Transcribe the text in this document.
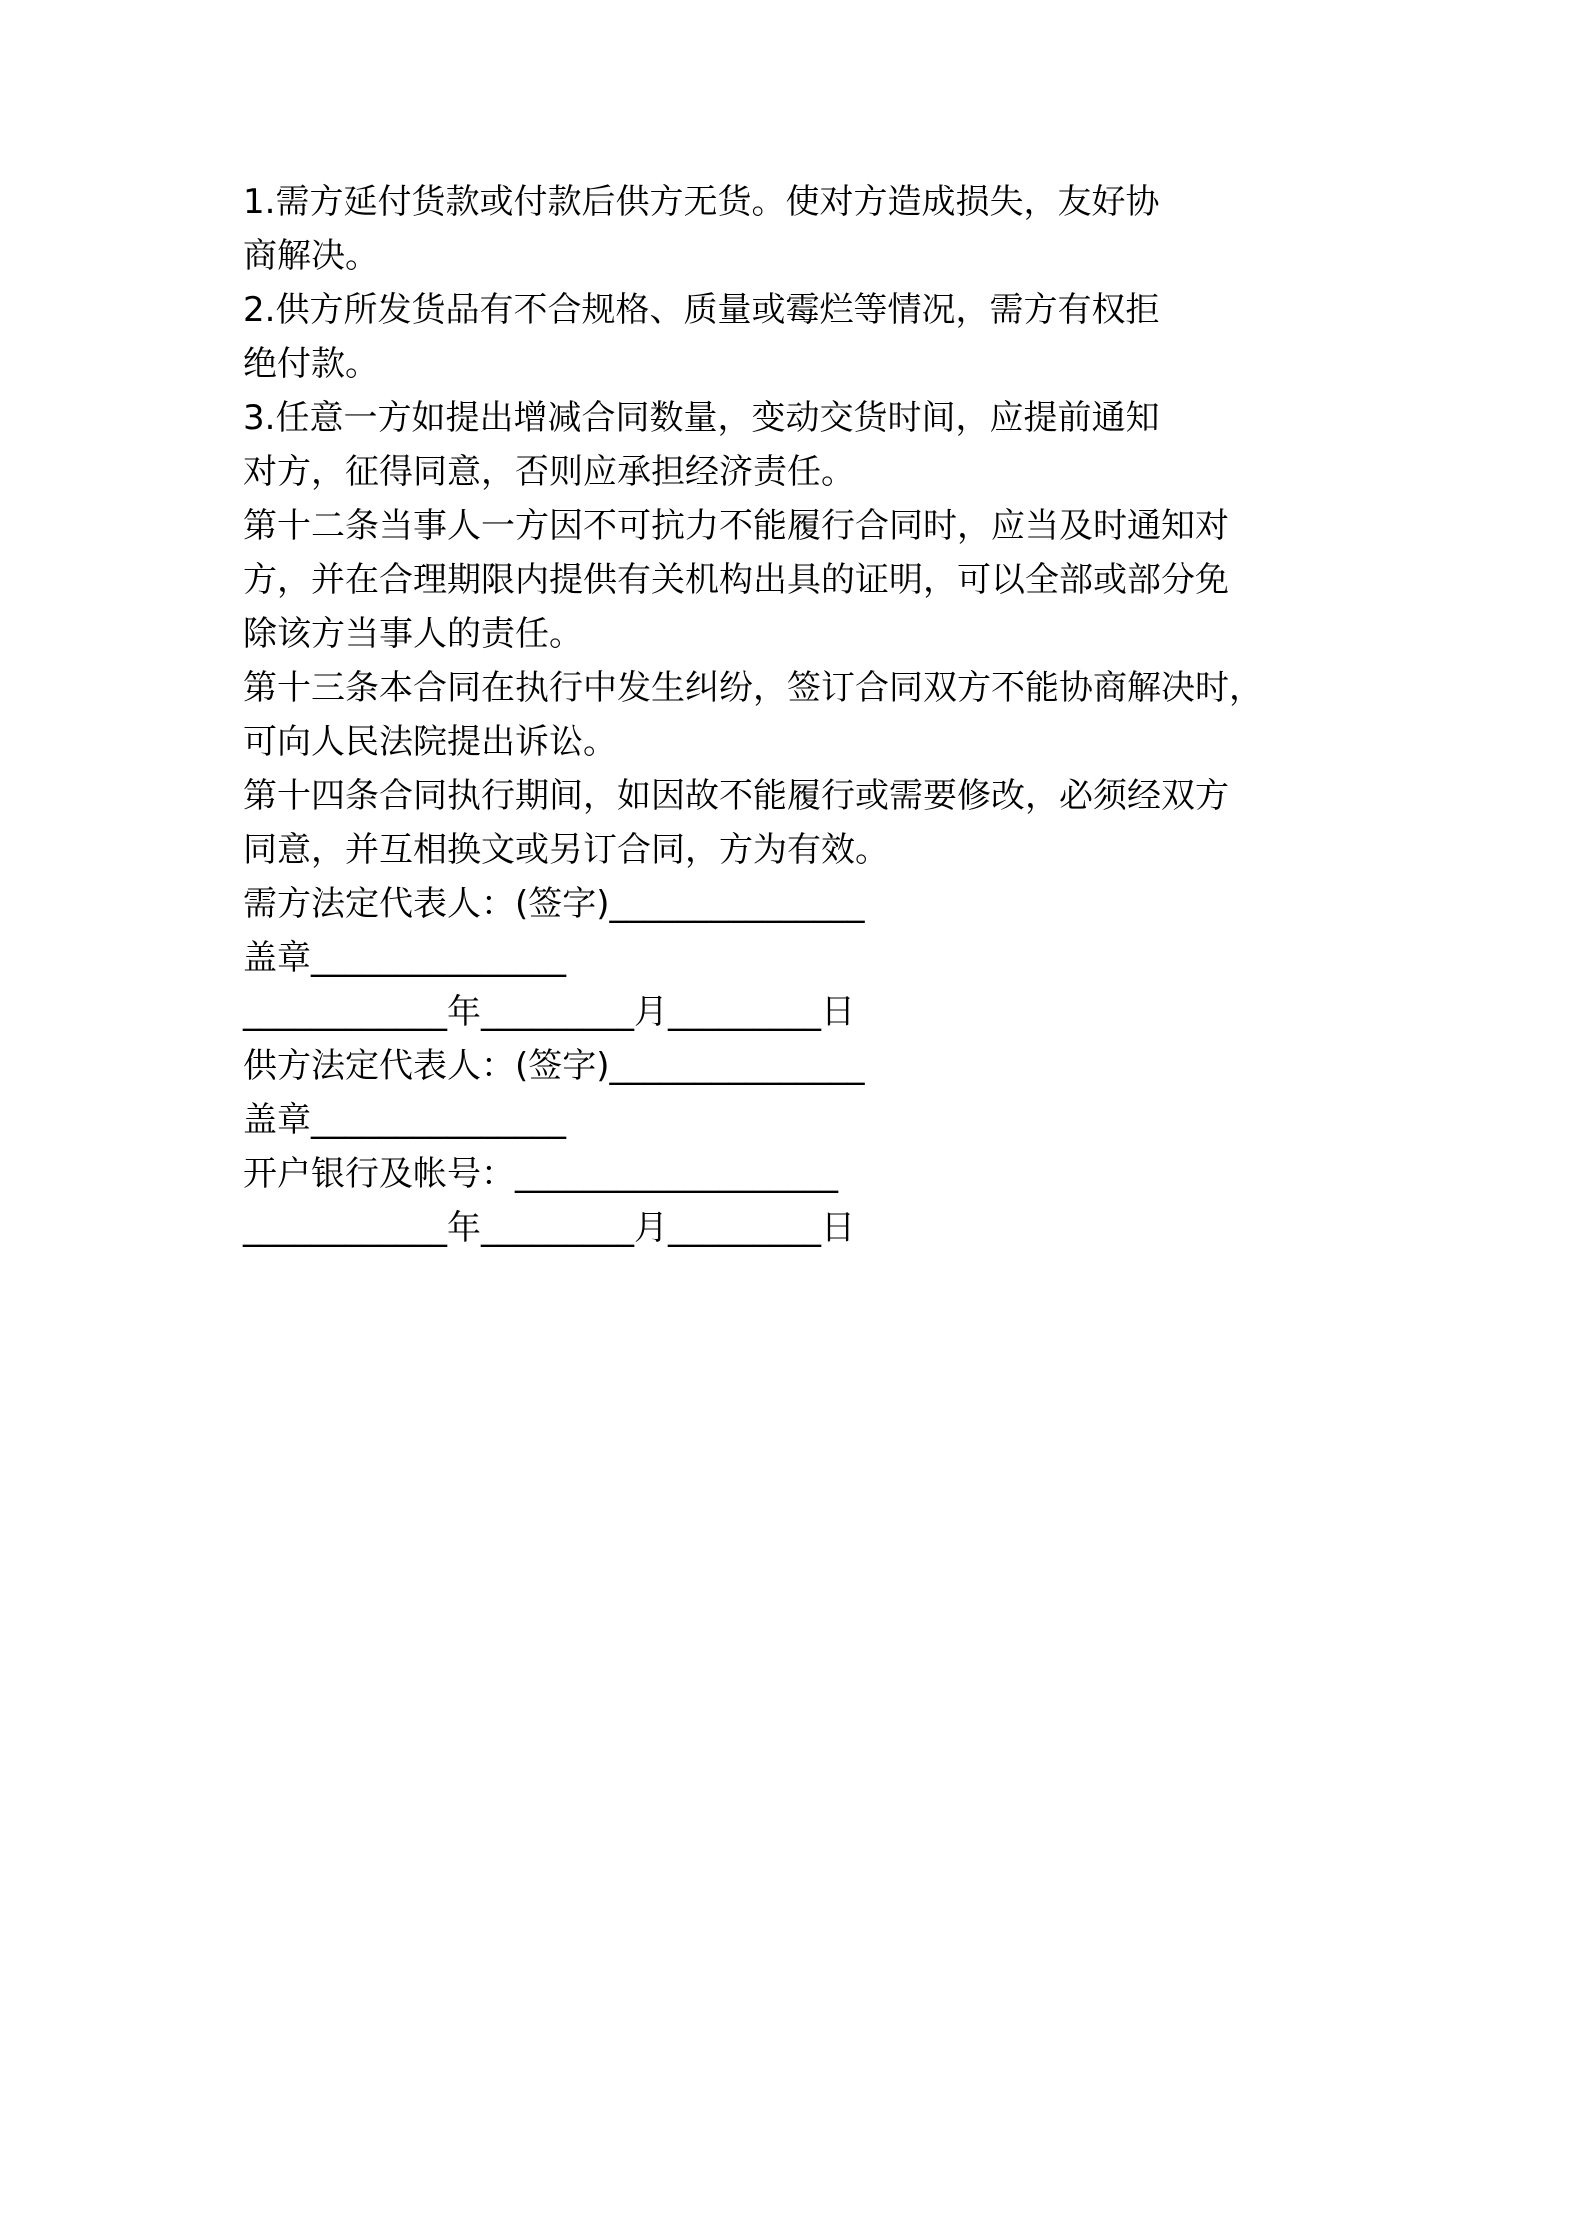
1.需方延付货款或付款后供方无货。使对方造成损失，友好协
商解决。
2.供方所发货品有不合规格、质量或霉烂等情况，需方有权拒
绝付款。
3.任意一方如提出增减合同数量，变动交货时间，应提前通知
对方，征得同意，否则应承担经济责任。
第十二条当事人一方因不可抗力不能履行合同时，应当及时通知对
方，并在合理期限内提供有关机构出具的证明，可以全部或部分免
除该方当事人的责任。
第十三条本合同在执行中发生纠纷，签订合同双方不能协商解决时，
可向人民法院提出诉讼。
第十四条合同执行期间，如因故不能履行或需要修改，必须经双方
同意，并互相换文或另订合同，方为有效。
需方法定代表人：(签字)_______________
盖章_______________
____________年_________月_________日
供方法定代表人：(签字)_______________
盖章_______________
开户银行及帐号：___________________
____________年_________月_________日
